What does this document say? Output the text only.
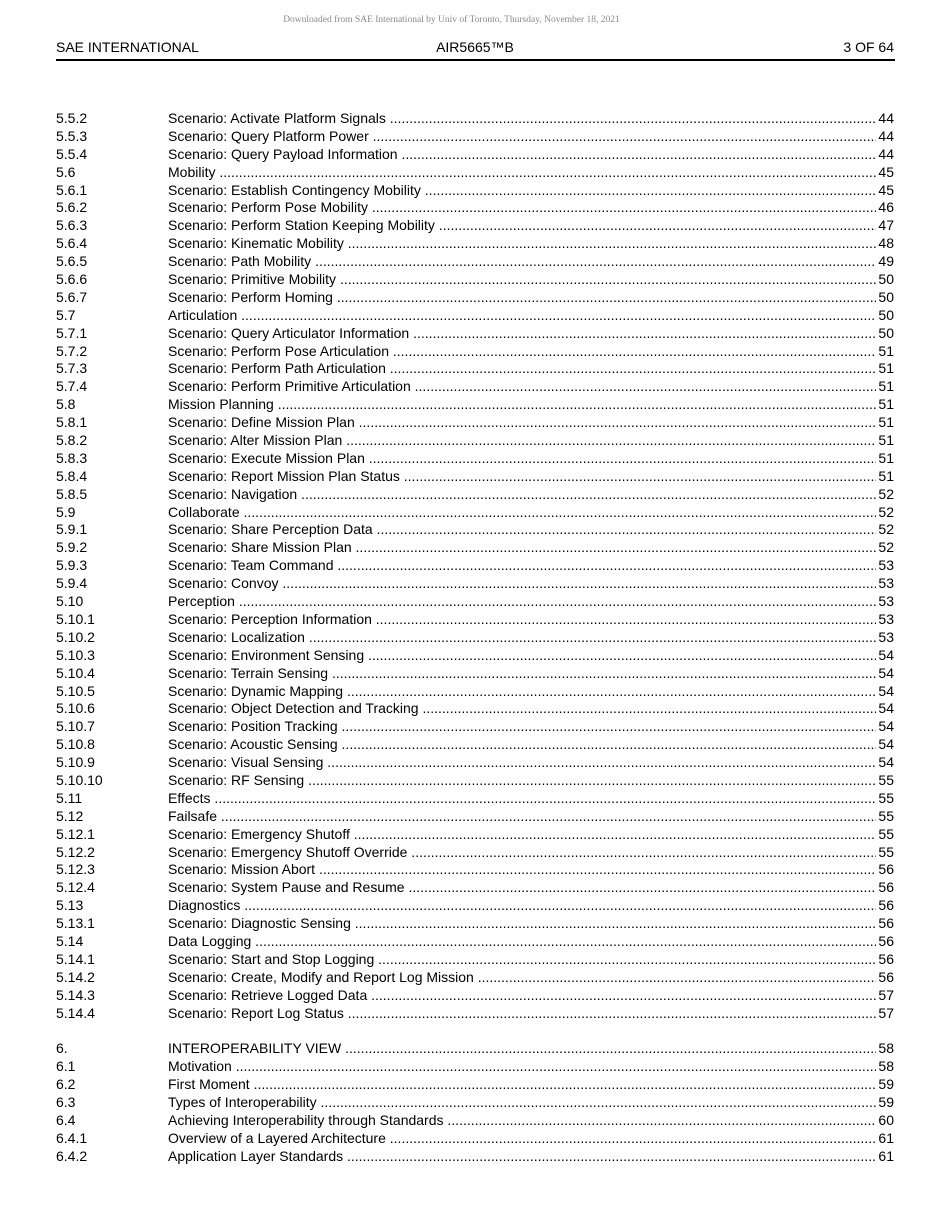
Downloaded from SAE International by Univ of Toronto, Thursday, November 18, 2021
SAE INTERNATIONAL	AIR5665™B	3 OF 64
5.5.2	Scenario: Activate Platform Signals .....	44
5.5.3	Scenario: Query Platform Power .....	44
5.5.4	Scenario: Query Payload Information .....	44
5.6	Mobility .....	45
5.6.1	Scenario: Establish Contingency Mobility .....	45
5.6.2	Scenario: Perform Pose Mobility .....	46
5.6.3	Scenario: Perform Station Keeping Mobility .....	47
5.6.4	Scenario: Kinematic Mobility .....	48
5.6.5	Scenario: Path Mobility .....	49
5.6.6	Scenario: Primitive Mobility .....	50
5.6.7	Scenario: Perform Homing .....	50
5.7	Articulation .....	50
5.7.1	Scenario: Query Articulator Information .....	50
5.7.2	Scenario: Perform Pose Articulation .....	51
5.7.3	Scenario: Perform Path Articulation .....	51
5.7.4	Scenario: Perform Primitive Articulation .....	51
5.8	Mission Planning .....	51
5.8.1	Scenario: Define Mission Plan .....	51
5.8.2	Scenario: Alter Mission Plan .....	51
5.8.3	Scenario: Execute Mission Plan .....	51
5.8.4	Scenario: Report Mission Plan Status .....	51
5.8.5	Scenario: Navigation .....	52
5.9	Collaborate .....	52
5.9.1	Scenario: Share Perception Data .....	52
5.9.2	Scenario: Share Mission Plan .....	52
5.9.3	Scenario: Team Command .....	53
5.9.4	Scenario: Convoy .....	53
5.10	Perception .....	53
5.10.1	Scenario: Perception Information .....	53
5.10.2	Scenario: Localization .....	53
5.10.3	Scenario: Environment Sensing .....	54
5.10.4	Scenario: Terrain Sensing .....	54
5.10.5	Scenario: Dynamic Mapping .....	54
5.10.6	Scenario: Object Detection and Tracking .....	54
5.10.7	Scenario: Position Tracking .....	54
5.10.8	Scenario: Acoustic Sensing .....	54
5.10.9	Scenario: Visual Sensing .....	54
5.10.10	Scenario: RF Sensing .....	55
5.11	Effects .....	55
5.12	Failsafe .....	55
5.12.1	Scenario: Emergency Shutoff .....	55
5.12.2	Scenario: Emergency Shutoff Override .....	55
5.12.3	Scenario: Mission Abort .....	56
5.12.4	Scenario: System Pause and Resume .....	56
5.13	Diagnostics .....	56
5.13.1	Scenario: Diagnostic Sensing .....	56
5.14	Data Logging .....	56
5.14.1	Scenario: Start and Stop Logging .....	56
5.14.2	Scenario: Create, Modify and Report Log Mission .....	56
5.14.3	Scenario: Retrieve Logged Data .....	57
5.14.4	Scenario: Report Log Status .....	57
6.	INTEROPERABILITY VIEW .....	58
6.1	Motivation .....	58
6.2	First Moment .....	59
6.3	Types of Interoperability .....	59
6.4	Achieving Interoperability through Standards .....	60
6.4.1	Overview of a Layered Architecture .....	61
6.4.2	Application Layer Standards .....	61
